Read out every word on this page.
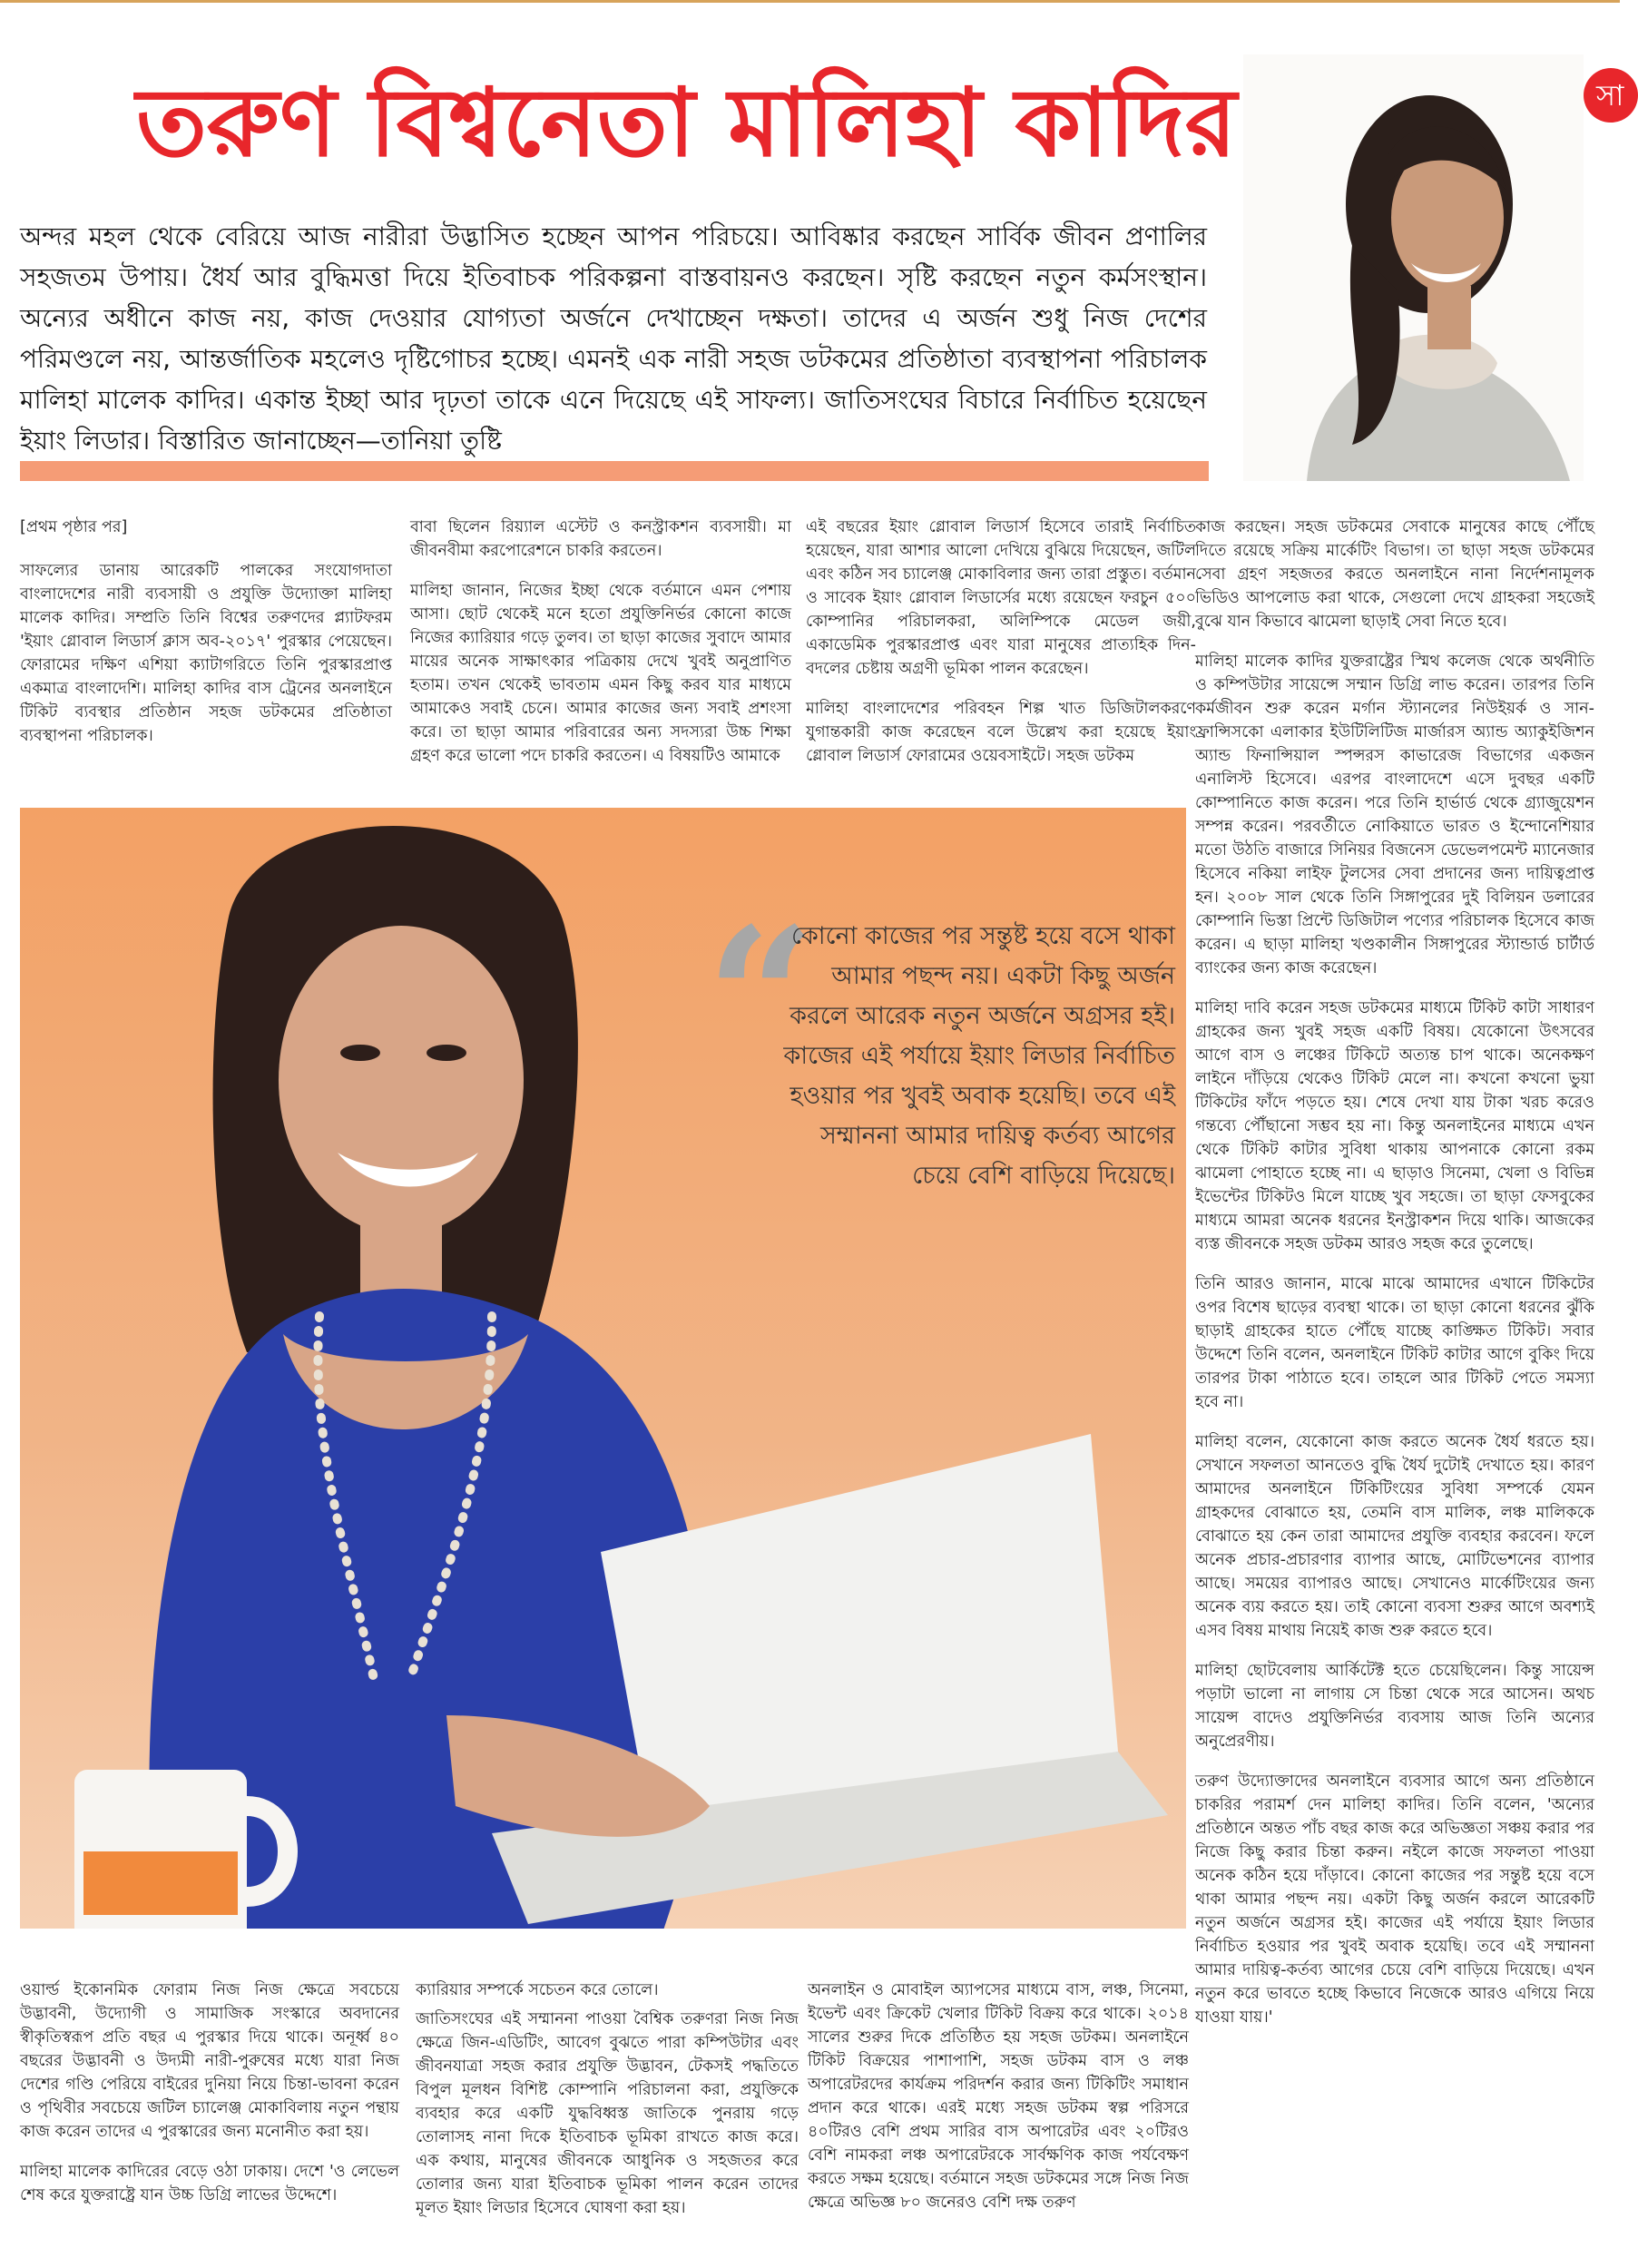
তরুণ বিশ্বনেতা মালিহা কাদির	সা
অন্দর মহল থেকে বেরিয়ে আজ নারীরা উদ্ভাসিত হচ্ছেন আপন পরিচয়ে। আবিষ্কার করছেন সার্বিক জীবন প্রণালির সহজতম উপায়। ধৈর্য আর বুদ্ধিমত্তা দিয়ে ইতিবাচক পরিকল্পনা বাস্তবায়নও করছেন। সৃষ্টি করছেন নতুন কর্মসংস্থান। অন্যের অধীনে কাজ নয়, কাজ দেওয়ার যোগ্যতা অর্জনে দেখাচ্ছেন দক্ষতা। তাদের এ অর্জন শুধু নিজ দেশের পরিমণ্ডলে নয়, আন্তর্জাতিক মহলেও দৃষ্টিগোচর হচ্ছে। এমনই এক নারী সহজ ডটকমের প্রতিষ্ঠাতা ব্যবস্থাপনা পরিচালক মালিহা মালেক কাদির। একান্ত ইচ্ছা আর দৃঢ়তা তাকে এনে দিয়েছে এই সাফল্য। জাতিসংঘের বিচারে নির্বাচিত হয়েছেন ইয়াং লিডার। বিস্তারিত জানাচ্ছেন—তানিয়া তুষ্টি

[প্রথম পৃষ্ঠার পর]

সাফল্যের ডানায় আরেকটি পালকের সংযোগদাতা বাংলাদেশের নারী ব্যবসায়ী ও প্রযুক্তি উদ্যোক্তা মালিহা মালেক কাদির। সম্প্রতি তিনি বিশ্বের তরুণদের প্ল্যাটফরম 'ইয়াং গ্লোবাল লিডার্স ক্লাস অব-২০১৭' পুরস্কার পেয়েছেন। ফোরামের দক্ষিণ এশিয়া ক্যাটাগরিতে তিনি পুরস্কারপ্রাপ্ত একমাত্র বাংলাদেশি। মালিহা কাদির বাস ট্রেনের অনলাইনে টিকিট ব্যবস্থার প্রতিষ্ঠান সহজ ডটকমের প্রতিষ্ঠাতা ব্যবস্থাপনা পরিচালক।

বাবা ছিলেন রিয়্যাল এস্টেট ও কনস্ট্রাকশন ব্যবসায়ী। মা জীবনবীমা করপোরেশনে চাকরি করতেন।

মালিহা জানান, নিজের ইচ্ছা থেকে বর্তমানে এমন পেশায় আসা। ছোট থেকেই মনে হতো প্রযুক্তিনির্ভর কোনো কাজে নিজের ক্যারিয়ার গড়ে তুলব। তা ছাড়া কাজের সুবাদে আমার মায়ের অনেক সাক্ষাৎকার পত্রিকায় দেখে খুবই অনুপ্রাণিত হতাম। তখন থেকেই ভাবতাম এমন কিছু করব যার মাধ্যমে আমাকেও সবাই চেনে। আমার কাজের জন্য সবাই প্রশংসা করে। তা ছাড়া আমার পরিবারের অন্য সদস্যরা উচ্চ শিক্ষা গ্রহণ করে ভালো পদে চাকরি করতেন। এ বিষয়টিও আমাকে

এই বছরের ইয়াং গ্লোবাল লিডার্স হিসেবে তারাই নির্বাচিত হয়েছেন, যারা আশার আলো দেখিয়ে বুঝিয়ে দিয়েছেন, জটিল এবং কঠিন সব চ্যালেঞ্জ মোকাবিলার জন্য তারা প্রস্তুত। বর্তমান ও সাবেক ইয়াং গ্লোবাল লিডার্সের মধ্যে রয়েছেন ফরচুন ৫০০ কোম্পানির পরিচালকরা, অলিম্পিকে মেডেল জয়ী, একাডেমিক পুরস্কারপ্রাপ্ত এবং যারা মানুষের প্রাত্যহিক দিন-বদলের চেষ্টায় অগ্রণী ভূমিকা পালন করেছেন।

মালিহা বাংলাদেশের পরিবহন শিল্প খাত ডিজিটালকরণে যুগান্তকারী কাজ করেছেন বলে উল্লেখ করা হয়েছে ইয়াং গ্লোবাল লিডার্স ফোরামের ওয়েবসাইটে। সহজ ডটকম

কাজ করছেন। সহজ ডটকমের সেবাকে মানুষের কাছে পৌঁছে দিতে রয়েছে সক্রিয় মার্কেটিং বিভাগ। তা ছাড়া সহজ ডটকমের সেবা গ্রহণ সহজতর করতে অনলাইনে নানা নির্দেশনামূলক ভিডিও আপলোড করা থাকে, সেগুলো দেখে গ্রাহকরা সহজেই বুঝে যান কিভাবে ঝামেলা ছাড়াই সেবা নিতে হবে।

মালিহা মালেক কাদির যুক্তরাষ্ট্রের স্মিথ কলেজ থেকে অর্থনীতি ও কম্পিউটার সায়েন্সে সম্মান ডিগ্রি লাভ করেন। তারপর তিনি কর্মজীবন শুরু করেন মর্গান স্ট্যানলের নিউইয়র্ক ও সান-ফ্রান্সিসকো এলাকার ইউটিলিটিজ মার্জারস অ্যান্ড অ্যাকুইজিশন অ্যান্ড ফিনান্সিয়াল স্পন্সরস কাভারেজ বিভাগের একজন এনালিস্ট হিসেবে। এরপর বাংলাদেশে এসে দুবছর একটি কোম্পানিতে কাজ করেন। পরে তিনি হার্ভার্ড থেকে গ্র্যাজুয়েশন সম্পন্ন করেন। পরবর্তীতে নোকিয়াতে ভারত ও ইন্দোনেশিয়ার মতো উঠতি বাজারে সিনিয়র বিজনেস ডেভেলপমেন্ট ম্যানেজার হিসেবে নকিয়া লাইফ টুলসের সেবা প্রদানের জন্য দায়িত্বপ্রাপ্ত হন। ২০০৮ সাল থেকে তিনি সিঙ্গাপুরের দুই বিলিয়ন ডলারের কোম্পানি ভিস্তা প্রিন্টে ডিজিটাল পণ্যের পরিচালক হিসেবে কাজ করেন। এ ছাড়া মালিহা খণ্ডকালীন সিঙ্গাপুরের স্ট্যান্ডার্ড চার্টার্ড ব্যাংকের জন্য কাজ করেছেন।

মালিহা দাবি করেন সহজ ডটকমের মাধ্যমে টিকিট কাটা সাধারণ গ্রাহকের জন্য খুবই সহজ একটি বিষয়। যেকোনো উৎসবের আগে বাস ও লঞ্চের টিকিটে অত্যন্ত চাপ থাকে। অনেকক্ষণ লাইনে দাঁড়িয়ে থেকেও টিকিট মেলে না। কখনো কখনো ভুয়া টিকিটের ফাঁদে পড়তে হয়। শেষে দেখা যায় টাকা খরচ করেও গন্তব্যে পৌঁছানো সম্ভব হয় না। কিন্তু অনলাইনের মাধ্যমে এখন থেকে টিকিট কাটার সুবিধা থাকায় আপনাকে কোনো রকম ঝামেলা পোহাতে হচ্ছে না। এ ছাড়াও সিনেমা, খেলা ও বিভিন্ন ইভেন্টের টিকিটও মিলে যাচ্ছে খুব সহজে। তা ছাড়া ফেসবুকের মাধ্যমে আমরা অনেক ধরনের ইনস্ট্রাকশন দিয়ে থাকি। আজকের ব্যস্ত জীবনকে সহজ ডটকম আরও সহজ করে তুলেছে।

তিনি আরও জানান, মাঝে মাঝে আমাদের এখানে টিকিটের ওপর বিশেষ ছাড়ের ব্যবস্থা থাকে। তা ছাড়া কোনো ধরনের ঝুঁকি ছাড়াই গ্রাহকের হাতে পৌঁছে যাচ্ছে কাঙ্ক্ষিত টিকিট। সবার উদ্দেশে তিনি বলেন, অনলাইনে টিকিট কাটার আগে বুকিং দিয়ে তারপর টাকা পাঠাতে হবে। তাহলে আর টিকিট পেতে সমস্যা হবে না।

মালিহা বলেন, যেকোনো কাজ করতে অনেক ধৈর্য ধরতে হয়। সেখানে সফলতা আনতেও বুদ্ধি ধৈর্য দুটোই দেখাতে হয়। কারণ আমাদের অনলাইনে টিকিটিংয়ের সুবিধা সম্পর্কে যেমন গ্রাহকদের বোঝাতে হয়, তেমনি বাস মালিক, লঞ্চ মালিককে বোঝাতে হয় কেন তারা আমাদের প্রযুক্তি ব্যবহার করবেন। ফলে অনেক প্রচার-প্রচারণার ব্যাপার আছে, মোটিভেশনের ব্যাপার আছে। সময়ের ব্যাপারও আছে। সেখানেও মার্কেটিংয়ের জন্য অনেক ব্যয় করতে হয়। তাই কোনো ব্যবসা শুরুর আগে অবশ্যই এসব বিষয় মাথায় নিয়েই কাজ শুরু করতে হবে।

মালিহা ছোটবেলায় আর্কিটেক্ট হতে চেয়েছিলেন। কিন্তু সায়েন্স পড়াটা ভালো না লাগায় সে চিন্তা থেকে সরে আসেন। অথচ সায়েন্স বাদেও প্রযুক্তিনির্ভর ব্যবসায় আজ তিনি অন্যের অনুপ্রেরণীয়।

তরুণ উদ্যোক্তাদের অনলাইনে ব্যবসার আগে অন্য প্রতিষ্ঠানে চাকরির পরামর্শ দেন মালিহা কাদির। তিনি বলেন, 'অন্যের প্রতিষ্ঠানে অন্তত পাঁচ বছর কাজ করে অভিজ্ঞতা সঞ্চয় করার পর নিজে কিছু করার চিন্তা করুন। নইলে কাজে সফলতা পাওয়া অনেক কঠিন হয়ে দাঁড়াবে। কোনো কাজের পর সন্তুষ্ট হয়ে বসে থাকা আমার পছন্দ নয়। একটা কিছু অর্জন করলে আরেকটি নতুন অর্জনে অগ্রসর হই। কাজের এই পর্যায়ে ইয়াং লিডার নির্বাচিত হওয়ার পর খুবই অবাক হয়েছি। তবে এই সম্মাননা আমার দায়িত্ব-কর্তব্য আগের চেয়ে বেশি বাড়িয়ে দিয়েছে। এখন নতুন করে ভাবতে হচ্ছে কিভাবে নিজেকে আরও এগিয়ে নিয়ে যাওয়া যায়।'

“
কোনো কাজের পর সন্তুষ্ট হয়ে বসে থাকা আমার পছন্দ নয়। একটা কিছু অর্জন করলে আরেক নতুন অর্জনে অগ্রসর হই। কাজের এই পর্যায়ে ইয়াং লিডার নির্বাচিত হওয়ার পর খুবই অবাক হয়েছি। তবে এই সম্মাননা আমার দায়িত্ব কর্তব্য আগের চেয়ে বেশি বাড়িয়ে দিয়েছে।

ওয়ার্ল্ড ইকোনমিক ফোরাম নিজ নিজ ক্ষেত্রে সবচেয়ে উদ্ভাবনী, উদ্যোগী ও সামাজিক সংস্কারে অবদানের স্বীকৃতিস্বরূপ প্রতি বছর এ পুরস্কার দিয়ে থাকে। অনূর্ধ্ব ৪০ বছরের উদ্ভাবনী ও উদ্যমী নারী-পুরুষের মধ্যে যারা নিজ দেশের গণ্ডি পেরিয়ে বাইরের দুনিয়া নিয়ে চিন্তা-ভাবনা করেন ও পৃথিবীর সবচেয়ে জটিল চ্যালেঞ্জ মোকাবিলায় নতুন পন্থায় কাজ করেন তাদের এ পুরস্কারের জন্য মনোনীত করা হয়।

মালিহা মালেক কাদিরের বেড়ে ওঠা ঢাকায়। দেশে 'ও লেভেল শেষ করে যুক্তরাষ্ট্রে যান উচ্চ ডিগ্রি লাভের উদ্দেশে।

ক্যারিয়ার সম্পর্কে সচেতন করে তোলে।

জাতিসংঘের এই সম্মাননা পাওয়া বৈশ্বিক তরুণরা নিজ নিজ ক্ষেত্রে জিন-এডিটিং, আবেগ বুঝতে পারা কম্পিউটার এবং জীবনযাত্রা সহজ করার প্রযুক্তি উদ্ভাবন, টেকসই পদ্ধতিতে বিপুল মূলধন বিশিষ্ট কোম্পানি পরিচালনা করা, প্রযুক্তিকে ব্যবহার করে একটি যুদ্ধবিধ্বস্ত জাতিকে পুনরায় গড়ে তোলাসহ নানা দিকে ইতিবাচক ভূমিকা রাখতে কাজ করে। এক কথায়, মানুষের জীবনকে আধুনিক ও সহজতর করে তোলার জন্য যারা ইতিবাচক ভূমিকা পালন করেন তাদের মূলত ইয়াং লিডার হিসেবে ঘোষণা করা হয়।

অনলাইন ও মোবাইল অ্যাপসের মাধ্যমে বাস, লঞ্চ, সিনেমা, ইভেন্ট এবং ক্রিকেট খেলার টিকিট বিক্রয় করে থাকে। ২০১৪ সালের শুরুর দিকে প্রতিষ্ঠিত হয় সহজ ডটকম। অনলাইনে টিকিট বিক্রয়ের পাশাপাশি, সহজ ডটকম বাস ও লঞ্চ অপারেটরদের কার্যক্রম পরিদর্শন করার জন্য টিকিটিং সমাধান প্রদান করে থাকে। এরই মধ্যে সহজ ডটকম স্বল্প পরিসরে ৪০টিরও বেশি প্রথম সারির বাস অপারেটর এবং ২০টিরও বেশি নামকরা লঞ্চ অপারেটরকে সার্বক্ষণিক কাজ পর্যবেক্ষণ করতে সক্ষম হয়েছে। বর্তমানে সহজ ডটকমের সঙ্গে নিজ নিজ ক্ষেত্রে অভিজ্ঞ ৮০ জনেরও বেশি দক্ষ তরুণ
